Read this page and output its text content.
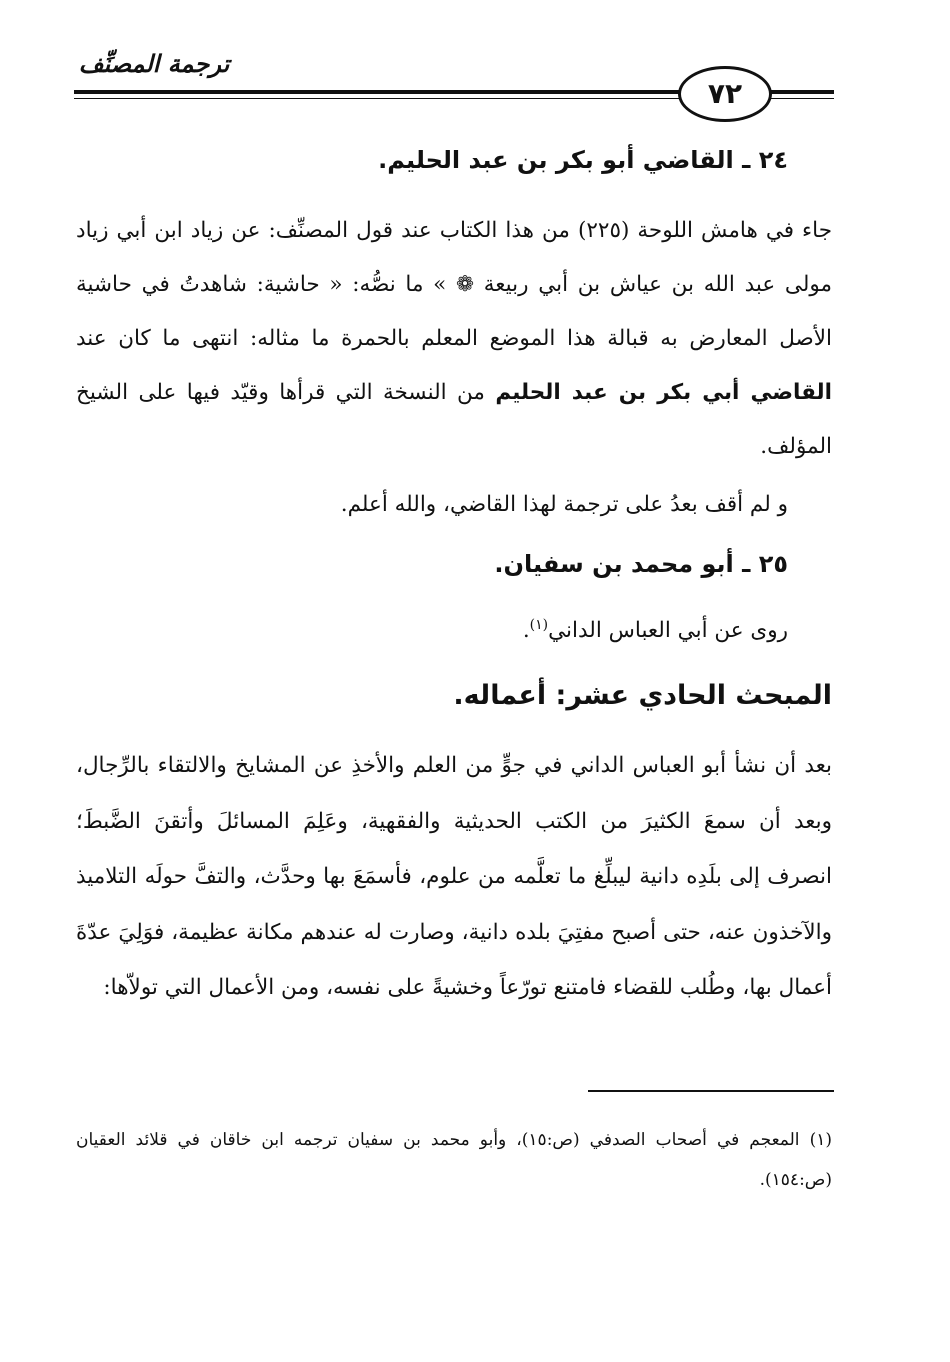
ترجمة المصنِّف
٧٢
٢٤ ـ القاضي أبو بكر بن عبد الحليم.
جاء في هامش اللوحة (٢٢٥) من هذا الكتاب عند قول المصنِّف: عن زياد ابن أبي زياد مولى عبد الله بن عياش بن أبي ربيعة ❁ » ما نصُّه: « حاشية: شاهدتُ في حاشية الأصل المعارض به قبالة هذا الموضع المعلم بالحمرة ما مثاله: انتهى ما كان عند القاضي أبي بكر بن عبد الحليم من النسخة التي قرأها وقيّد فيها على الشيخ المؤلف.
و لم أقف بعدُ على ترجمة لهذا القاضي، والله أعلم.
٢٥ ـ أبو محمد بن سفيان.
روى عن أبي العباس الداني$^{(١)}$.
المبحث الحادي عشر: أعماله.
بعد أن نشأ أبو العباس الداني في جوٍّ من العلم والأخذِ عن المشايخ والالتقاء بالرِّجال، وبعد أن سمعَ الكثيرَ من الكتب الحديثية والفقهية، وعَلِمَ المسائلَ وأتقنَ الضَّبطَ؛ انصرف إلى بلَدِه دانية ليبلِّغ ما تعلَّمه من علوم، فأسمَعَ بها وحدَّث، والتفَّ حولَه التلاميذ والآخذون عنه، حتى أصبح مفتِيَ بلده دانية، وصارت له عندهم مكانة عظيمة، فوَلِيَ عدّةَ أعمال بها، وطُلب للقضاء فامتنع تورّعاً وخشيةً على نفسه، ومن الأعمال التي تولاّها:
(١) المعجم في أصحاب الصدفي (ص:١٥)، وأبو محمد بن سفيان ترجمه ابن خاقان في قلائد العقيان (ص:١٥٤).
